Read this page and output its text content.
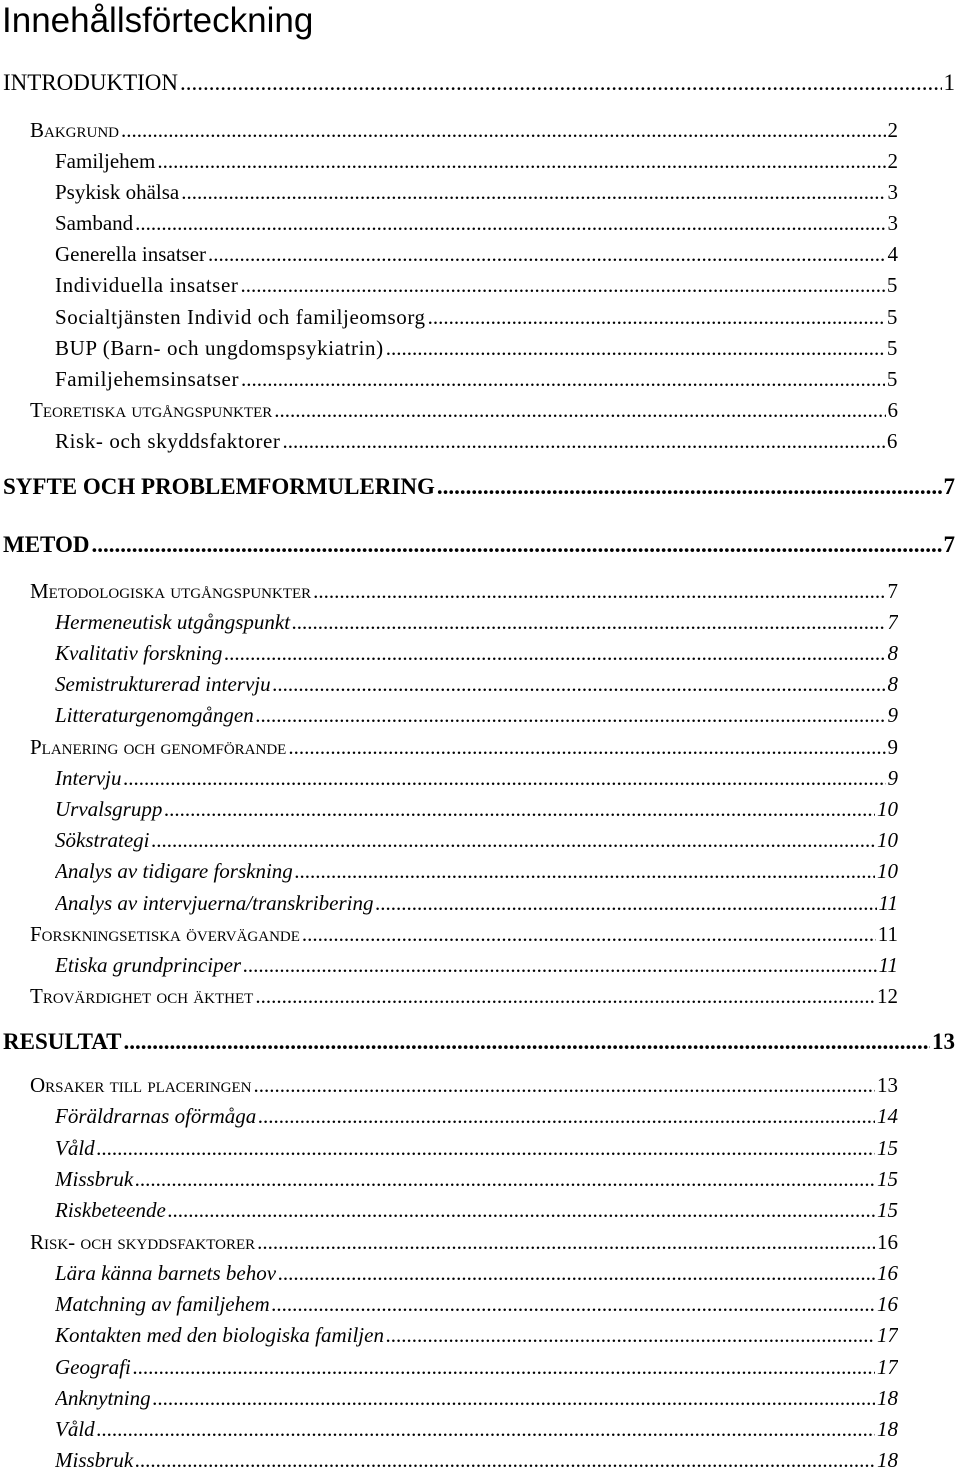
Innehållsförteckning
INTRODUKTION .....	1
Bakgrund .....	2
Familjehem .....	2
Psykisk ohälsa .....	3
Samband .....	3
Generella insatser .....	4
Individuella insatser .....	5
Socialtjänsten Individ och familjeomsorg .....	5
BUP (Barn- och ungdomspsykiatrin) .....	5
Familjehemsinsatser .....	5
Teoretiska utgångspunkter .....	6
Risk- och skyddsfaktorer .....	6
SYFTE OCH PROBLEMFORMULERING .....	7
METOD .....	7
Metodologiska utgångspunkter .....	7
Hermeneutisk utgångspunkt .....	7
Kvalitativ forskning .....	8
Semistrukturerad intervju .....	8
Litteraturgenomgången .....	9
Planering och genomförande .....	9
Intervju .....	9
Urvalsgrupp .....	10
Sökstrategi .....	10
Analys av tidigare forskning .....	10
Analys av intervjuerna/transkribering .....	11
Forskningsetiska övervägande .....	11
Etiska grundprinciper .....	11
Trovärdighet och äkthet .....	12
RESULTAT .....	13
Orsaker till placeringen .....	13
Föräldrarnas oförmåga .....	14
Våld .....	15
Missbruk .....	15
Riskbeteende .....	15
Risk- och skyddsfaktorer .....	16
Lära känna barnets behov .....	16
Matchning av familjehem .....	16
Kontakten med den biologiska familjen .....	17
Geografi .....	17
Anknytning .....	18
Våld .....	18
Missbruk .....	18
